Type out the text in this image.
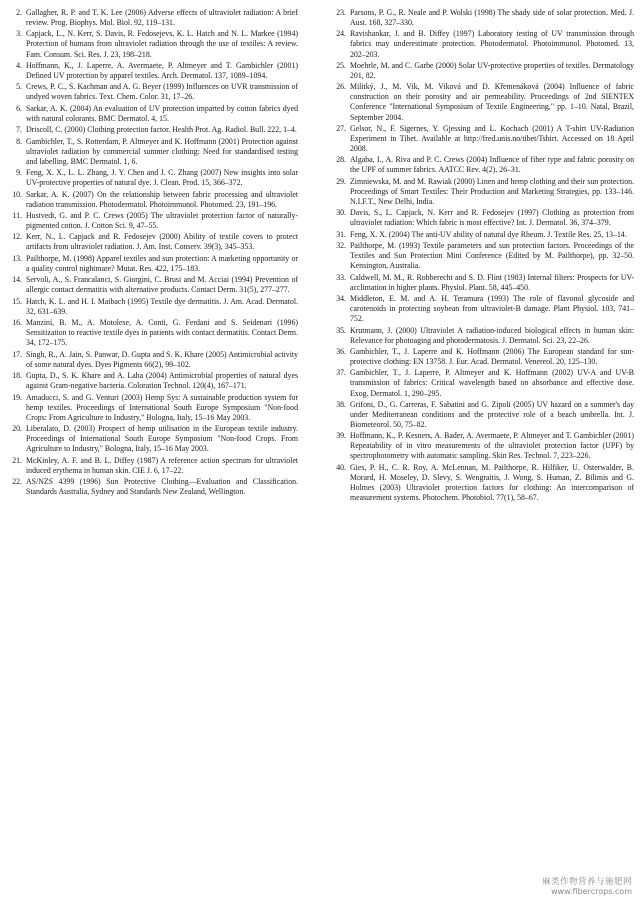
2. Gallagher, R. P. and T. K. Lee (2006) Adverse effects of ultraviolet radiation: A brief review. Prog. Biophys. Mol. Biol. 92, 119–131.
3. Capjack, L., N. Kerr, S. Davis, R. Fedosejevs, K. L. Hatch and N. L. Markee (1994) Protection of humans from ultraviolet radiation through the use of textiles: A review. Fam. Consum. Sci. Res. J. 23, 198–218.
4. Hoffmann, K., J. Laperre, A. Avermaete, P. Altmeyer and T. Gambichler (2001) Defined UV protection by apparel textiles. Arch. Dermatol. 137, 1089–1094.
5. Crews, P. C., S. Kachman and A. G. Beyer (1999) Influences on UVR transmission of undyed woven fabrics. Text. Chem. Color. 31, 17–26.
6. Sarkar, A. K. (2004) An evaluation of UV protection imparted by cotton fabrics dyed with natural colorants. BMC Dermatol. 4, 15.
7. Driscoll, C. (2000) Clothing protection factor. Health Prot. Ag. Radiol. Bull. 222, 1–4.
8. Gambichler, T., S. Rotterdam, P. Altmeyer and K. Hoffmann (2001) Protection against ultraviolet radiation by commercial summer clothing: Need for standardised testing and labelling. BMC Dermatol. 1, 6.
9. Feng, X. X., L. L. Zhang, J. Y. Chen and J. C. Zhang (2007) New insights into solar UV-protective properties of natural dye. J. Clean. Prod. 15, 366–372.
10. Sarkar, A. K. (2007) On the relationship between fabric processing and ultraviolet radiation transmission. Photodermatol. Photoimmunol. Photomed. 23, 191–196.
11. Hustvedt, G. and P. C. Crews (2005) The ultraviolet protection factor of naturally-pigmented cotton. J. Cotton Sci. 9, 47–55.
12. Kerr, N., L. Capjack and R. Fedosejev (2000) Ability of textile covers to protect artifacts from ultraviolet radiation. J. Am. Inst. Conserv. 39(3), 345–353.
13. Pailthorpe, M. (1998) Apparel textiles and sun protection: A marketing opportunity or a quality control nightmare? Mutat. Res. 422, 175–183.
14. Servoli, A., S. Francalanci, S. Giorgini, C. Brusi and M. Acciai (1994) Prevention of allergic contact dermatitis with alternative products. Contact Derm. 31(5), 277–277.
15. Hatch, K. L. and H. I. Maibach (1995) Textile dye dermatitis. J. Am. Acad. Dermatol. 32, 631–639.
16. Manzini, B. M., A. Motolese, A. Conti, G. Ferdani and S. Seidenari (1996) Sensitization to reactive textile dyes in patients with contact dermatitis. Contact Derm. 34, 172–175.
17. Singh, R., A. Jain, S. Panwar, D. Gupta and S. K. Khare (2005) Antimicrobial activity of some natural dyes. Dyes Pigments 66(2), 99–102.
18. Gupta, D., S. K. Khare and A. Laha (2004) Antimicrobial properties of natural dyes against Gram-negative bacteria. Coloration Technol. 120(4), 167–171.
19. Amaducci, S. and G. Venturi (2003) Hemp Sys: A sustainable production system for hemp textiles. Proceedings of International South Europe Symposium "Non-food Crops: From Agriculture to Industry," Bologna, Italy, 15–16 May 2003.
20. Liberalato, D. (2003) Prospect of hemp utilisation in the European textile industry. Proceedings of International South Europe Symposium "Non-food Crops. From Agriculture to Industry," Bologna, Italy, 15–16 May 2003.
21. McKinley, A. F. and B. L. Diffey (1987) A reference action spectrum for ultraviolet induced erythema in human skin. CIE J. 6, 17–22.
22. AS/NZS 4399 (1996) Sun Protective Clothing—Evaluation and Classification. Standards Australia, Sydney and Standards New Zealand, Wellington.
23. Parsons, P. G., R. Neale and P. Wolski (1998) The shady side of solar protection. Med. J. Aust. 168, 327–330.
24. Ravishankar, J. and B. Diffey (1997) Laboratory testing of UV transmission through fabrics may underestimate protection. Photodermatol. Photoimmunol. Photomed. 13, 202–203.
25. Moehrle, M. and C. Garbe (2000) Solar UV-protective properties of textiles. Dermatology 201, 82.
26. Militký, J., M. Vik, M. Viková and D. Křemenáková (2004) Influence of fabric construction on their porosity and air permeability. Proceedings of 2nd SIENTEX Conference "International Symposium of Textile Engineering," pp. 1–10. Natal, Brazil, September 2004.
27. Gelsor, N., F. Sigernes, Y. Gjessing and L. Kochach (2001) A T-shirt UV-Radiation Experiment in Tibet. Available at http://fred.unis.no/tibet/Tshirt. Accessed on 18 April 2008.
28. Algaba, I., A. Riva and P. C. Crews (2004) Influence of fiber type and fabric porosity on the UPF of summer fabrics. AATCC Rev. 4(2), 26–31.
29. Zimniewska, M. and M. Rawiak (2000) Linen and hemp clothing and their sun protection. Proceedings of Smart Textiles: Their Production and Marketing Strategies, pp. 133–146. N.I.F.T., New Delhi, India.
30. Davis, S., L. Capjack, N. Kerr and R. Fedosejev (1997) Clothing as protection from ultraviolet radiation: Which fabric is most effective? Int. J. Dermatol. 36, 374–379.
31. Feng, X. X. (2004) The anti-UV ability of natural dye Rheum. J. Textile Res. 25, 13–14.
32. Pailthorpe, M. (1993) Textile parameters and sun protection factors. Proceedings of the Textiles and Sun Protection Mini Conference (Edited by M. Pailthorpe), pp. 32–50. Kensington, Australia.
33. Caldwell, M. M., R. Robberecht and S. D. Flint (1983) Internal filters: Prospects for UV-acclimation in higher plants. Physiol. Plant. 58, 445–450.
34. Middleton, E. M. and A. H. Teramura (1993) The role of flavonol glycoside and carotenoids in protecting soybean from ultraviolet-B damage. Plant Physiol. 103, 741–752.
35. Krutmann, J. (2000) Ultraviolet A radiation-induced biological effects in human skin: Relevance for photoaging and photodermatosis. J. Dermatol. Sci. 23, 22–26.
36. Gambichler, T., J. Laperre and K. Hoffmann (2006) The European standard for sun-protective clothing: EN 13758. J. Eur. Acad. Dermatol. Venereol. 20, 125–130.
37. Gambichler, T., J. Laperre, P. Altmeyer and K. Hoffmann (2002) UV-A and UV-B transmission of fabrics: Critical wavelength based on absorbance and effective dose. Exog. Dermatol. 1, 290–295.
38. Grifoni, D., G. Carreras, F. Sabatini and G. Zipoli (2005) UV hazard on a summer's day under Mediterranean conditions and the protective role of a beach umbrella. Int. J. Biometeorol. 50, 75–82.
39. Hoffmann, K., P. Kesners, A. Bader, A. Avermaete, P. Altmeyer and T. Gambichler (2001) Repeatability of in vitro measurements of the ultraviolet protection factor (UPF) by spectrophotometry with automatic sampling. Skin Res. Technol. 7, 223–226.
40. Gies, P. H., C. R. Roy, A. McLennan, M. Pailthorpe, R. Hilfiker, U. Osterwalder, B. Morard, H. Moseley, D. Slevy, S. Wengraitis, J. Wong, S. Human, Z. Bilimis and G. Holmes (2003) Ultraviolet protection factors for clothing: An intercomparison of measurement systems. Photochem. Photobiol. 77(1), 58–67.
麻类作物营养与施肥网
www.fibercrops.com
